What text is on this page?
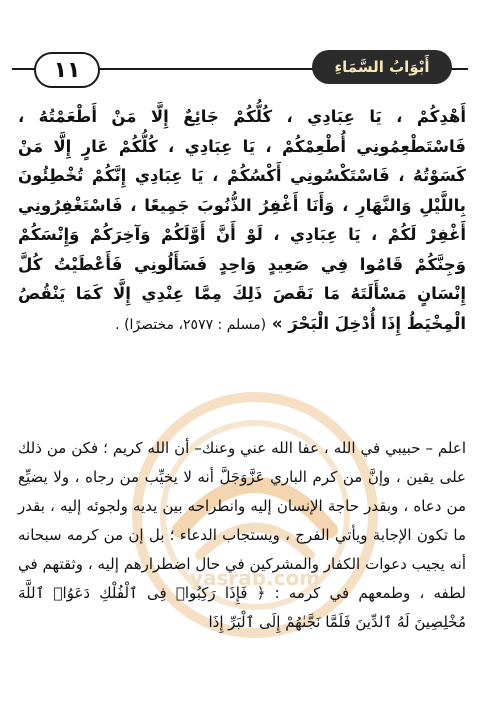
١١	أَبْوَابُ السَّمَاءِ
yasrab.com
أَهْدِكُمْ ، يَا عِبَادِي ، كُلُّكُمْ جَائِعٌ إِلَّا مَنْ أَطْعَمْتُهُ ، فَاسْتَطْعِمُونِي أُطْعِمْكُمْ ، يَا عِبَادِي ، كُلُّكُمْ عَارٍ إِلَّا مَنْ كَسَوْتُهُ ، فَاسْتَكْسُونِي أَكْسُكُمْ ، يَا عِبَادِي إِنَّكُمْ تُخْطِئُونَ بِاللَّيْلِ وَالنَّهَارِ ، وَأَنَا أَغْفِرُ الذُّنُوبَ جَمِيعًا ، فَاسْتَغْفِرُونِي أَغْفِرْ لَكُمْ ، يَا عِبَادِي ، لَوْ أَنَّ أَوَّلَكُمْ وَآخِرَكُمْ وَإِنْسَكُمْ وَجِنَّكُمْ قَامُوا فِي صَعِيدٍ وَاحِدٍ فَسَأَلُونِي فَأَعْطَيْتُ كُلَّ إِنْسَانٍ مَسْأَلَتَهُ مَا نَقَصَ ذَلِكَ مِمَّا عِنْدِي إِلَّا كَمَا يَنْقُصُ الْمِخْيَطُ إِذَا أُدْخِلَ الْبَحْرَ » (مسلم : ٢٥٧٧، مختصرًا) .
اعلم – حبيبي في الله ، عفا الله عني وعنك– أن الله كريم ؛ فكن من ذلك على يقين ، وإنَّ من كرم الباري عَزَّوَجَلَّ أنه لا يخيِّب من رجاه ، ولا يضيِّع من دعاه ، وبقدر حاجة الإنسان إليه وانطراحه بين يديه ولجوئه إليه ، بقدر ما تكون الإجابة ويأتي الفرج ، ويستجاب الدعاء ؛ بل إن من كرمه سبحانه أنه يجيب دعوات الكفار والمشركين في حال اضطرارهم إليه ، وثقتهم في لطفه ، وطمعهم في كرمه : ﴿ فَإِذَا رَكِبُوا۟ فِى ٱلْفُلْكِ دَعَوُا۟ ٱللَّهَ مُخْلِصِينَ لَهُ ٱلدِّينَ فَلَمَّا نَجَّىٰهُمْ إِلَى ٱلْبَرِّ إِذَا
